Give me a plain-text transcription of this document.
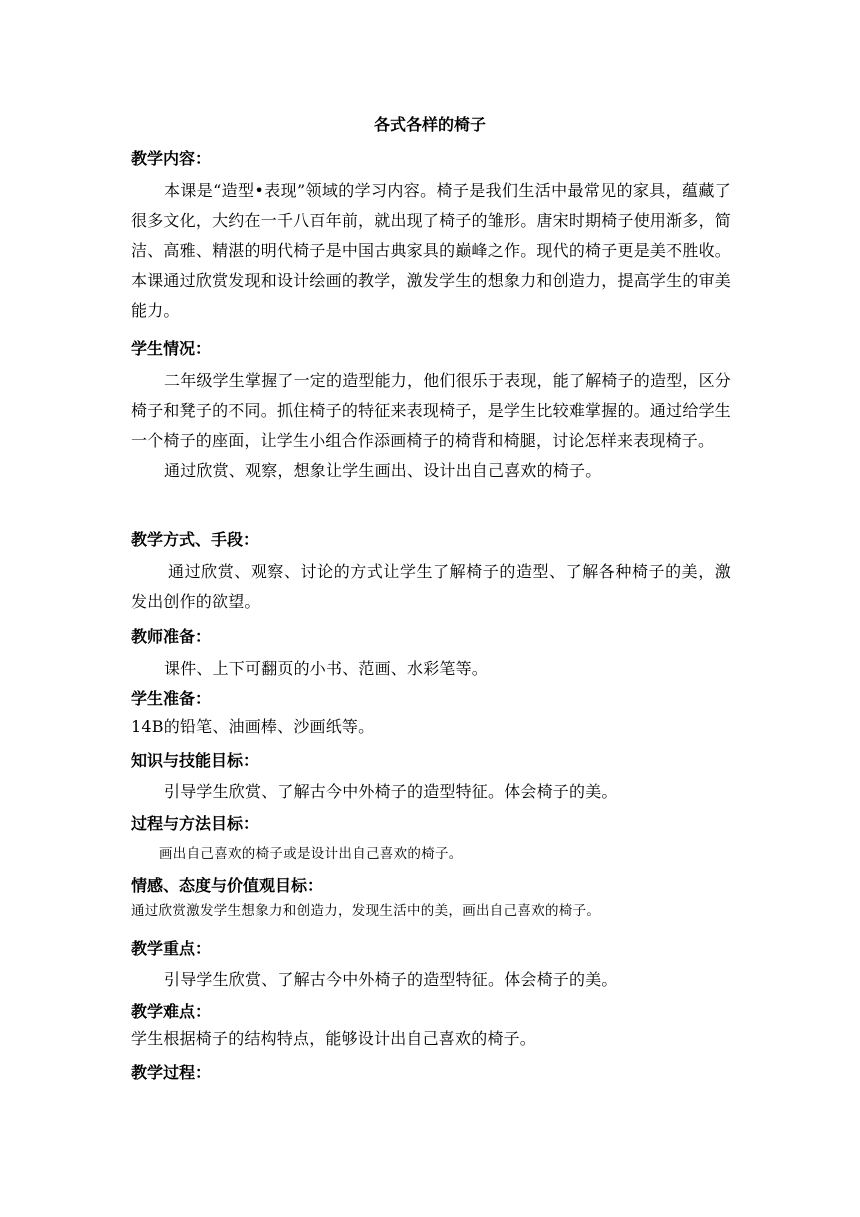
各式各样的椅子
教学内容：
本课是“造型•表现”领域的学习内容。椅子是我们生活中最常见的家具，蕴藏了很多文化，大约在一千八百年前，就出现了椅子的雏形。唐宋时期椅子使用渐多，简洁、高雅、精湛的明代椅子是中国古典家具的巅峰之作。现代的椅子更是美不胜收。本课通过欣赏发现和设计绘画的教学，激发学生的想象力和创造力，提高学生的审美能力。
学生情况：
二年级学生掌握了一定的造型能力，他们很乐于表现，能了解椅子的造型，区分椅子和凳子的不同。抓住椅子的特征来表现椅子，是学生比较难掌握的。通过给学生一个椅子的座面，让学生小组合作添画椅子的椅背和椅腿，讨论怎样来表现椅子。
通过欣赏、观察，想象让学生画出、设计出自己喜欢的椅子。
教学方式、手段：
通过欣赏、观察、讨论的方式让学生了解椅子的造型、了解各种椅子的美，激发出创作的欲望。
教师准备：
课件、上下可翻页的小书、范画、水彩笔等。
学生准备：
14B的铅笔、油画棒、沙画纸等。
知识与技能目标：
引导学生欣赏、了解古今中外椅子的造型特征。体会椅子的美。
过程与方法目标：
画出自己喜欢的椅子或是设计出自己喜欢的椅子。
情感、态度与价值观目标：
通过欣赏激发学生想象力和创造力，发现生活中的美，画出自己喜欢的椅子。
教学重点：
引导学生欣赏、了解古今中外椅子的造型特征。体会椅子的美。
教学难点：
学生根据椅子的结构特点，能够设计出自己喜欢的椅子。
教学过程：
